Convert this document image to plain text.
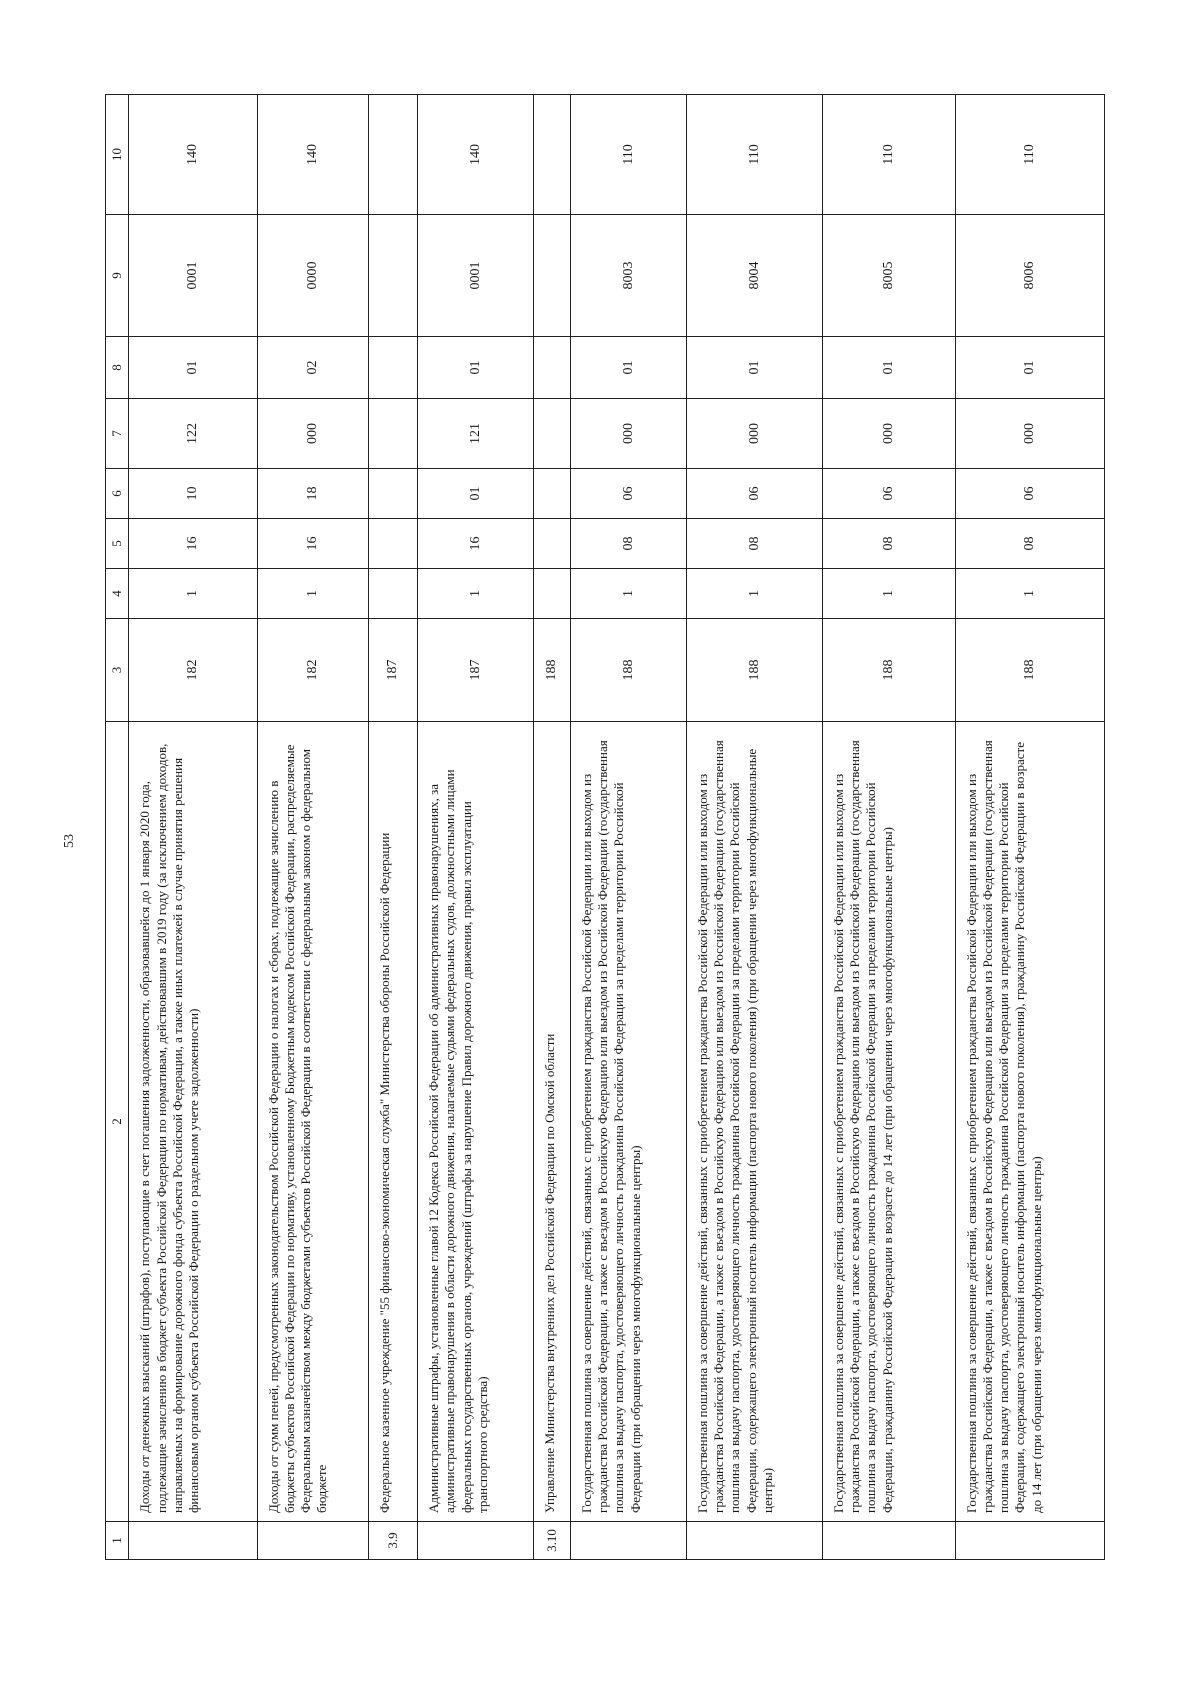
53
1	2	3	4	5	6	7	8	9	10
	Доходы от денежных взысканий (штрафов), поступающие в счет погашения задолженности, образовавшейся до 1 января 2020 года, подлежащие зачислению в бюджет субъекта Российской Федерации по нормативам, действовавшим в 2019 году (за исключением доходов, направляемых на формирование дорожного фонда субъекта Российской Федерации, а также иных платежей в случае принятия решения финансовым органом субъекта Российской Федерации о раздельном учете задолженности)	182	1	16	10	122	01	0001	140
	Доходы от сумм пеней, предусмотренных законодательством Российской Федерации о налогах и сборах, подлежащие зачислению в бюджеты субъектов Российской Федерации по нормативу, установленному Бюджетным кодексом Российской Федерации, распределяемые Федеральным казначейством между бюджетами субъектов Российской Федерации в соответствии с федеральным законом о федеральном бюджете	182	1	16	18	000	02	0000	140
3.9	Федеральное казенное учреждение "55 финансово-экономическая служба" Министерства обороны Российской Федерации	187							
	Административные штрафы, установленные главой 12 Кодекса Российской Федерации об административных правонарушениях, за административные правонарушения в области дорожного движения, налагаемые судьями федеральных судов, должностными лицами федеральных государственных органов, учреждений (штрафы за нарушение Правил дорожного движения, правил эксплуатации транспортного средства)	187	1	16	01	121	01	0001	140
3.10	Управление Министерства внутренних дел Российской Федерации по Омской области	188							
	Государственная пошлина за совершение действий, связанных с приобретением гражданства Российской Федерации или выходом из гражданства Российской Федерации, а также с въездом в Российскую Федерацию или выездом из Российской Федерации (государственная пошлина за выдачу паспорта, удостоверяющего личность гражданина Российской Федерации за пределами территории Российской Федерации (при обращении через многофункциональные центры)	188	1	08	06	000	01	8003	110
	Государственная пошлина за совершение действий, связанных с приобретением гражданства Российской Федерации или выходом из гражданства Российской Федерации, а также с въездом в Российскую Федерацию или выездом из Российской Федерации (государственная пошлина за выдачу паспорта, удостоверяющего личность гражданина Российской Федерации за пределами территории Российской Федерации, содержащего электронный носитель информации (паспорта нового поколения) (при обращении через многофункциональные центры)	188	1	08	06	000	01	8004	110
	Государственная пошлина за совершение действий, связанных с приобретением гражданства Российской Федерации или выходом из гражданства Российской Федерации, а также с въездом в Российскую Федерацию или выездом из Российской Федерации (государственная пошлина за выдачу паспорта, удостоверяющего личность гражданина Российской Федерации за пределами территории Российской Федерации, гражданину Российской Федерации в возрасте до 14 лет (при обращении через многофункциональные центры)	188	1	08	06	000	01	8005	110
	Государственная пошлина за совершение действий, связанных с приобретением гражданства Российской Федерации или выходом из гражданства Российской Федерации, а также с въездом в Российскую Федерацию или выездом из Российской Федерации (государственная пошлина за выдачу паспорта, удостоверяющего личность гражданина Российской Федерации за пределами территории Российской Федерации, содержащего электронный носитель информации (паспорта нового поколения), гражданину Российской Федерации в возрасте до 14 лет (при обращении через многофункциональные центры)	188	1	08	06	000	01	8006	110
